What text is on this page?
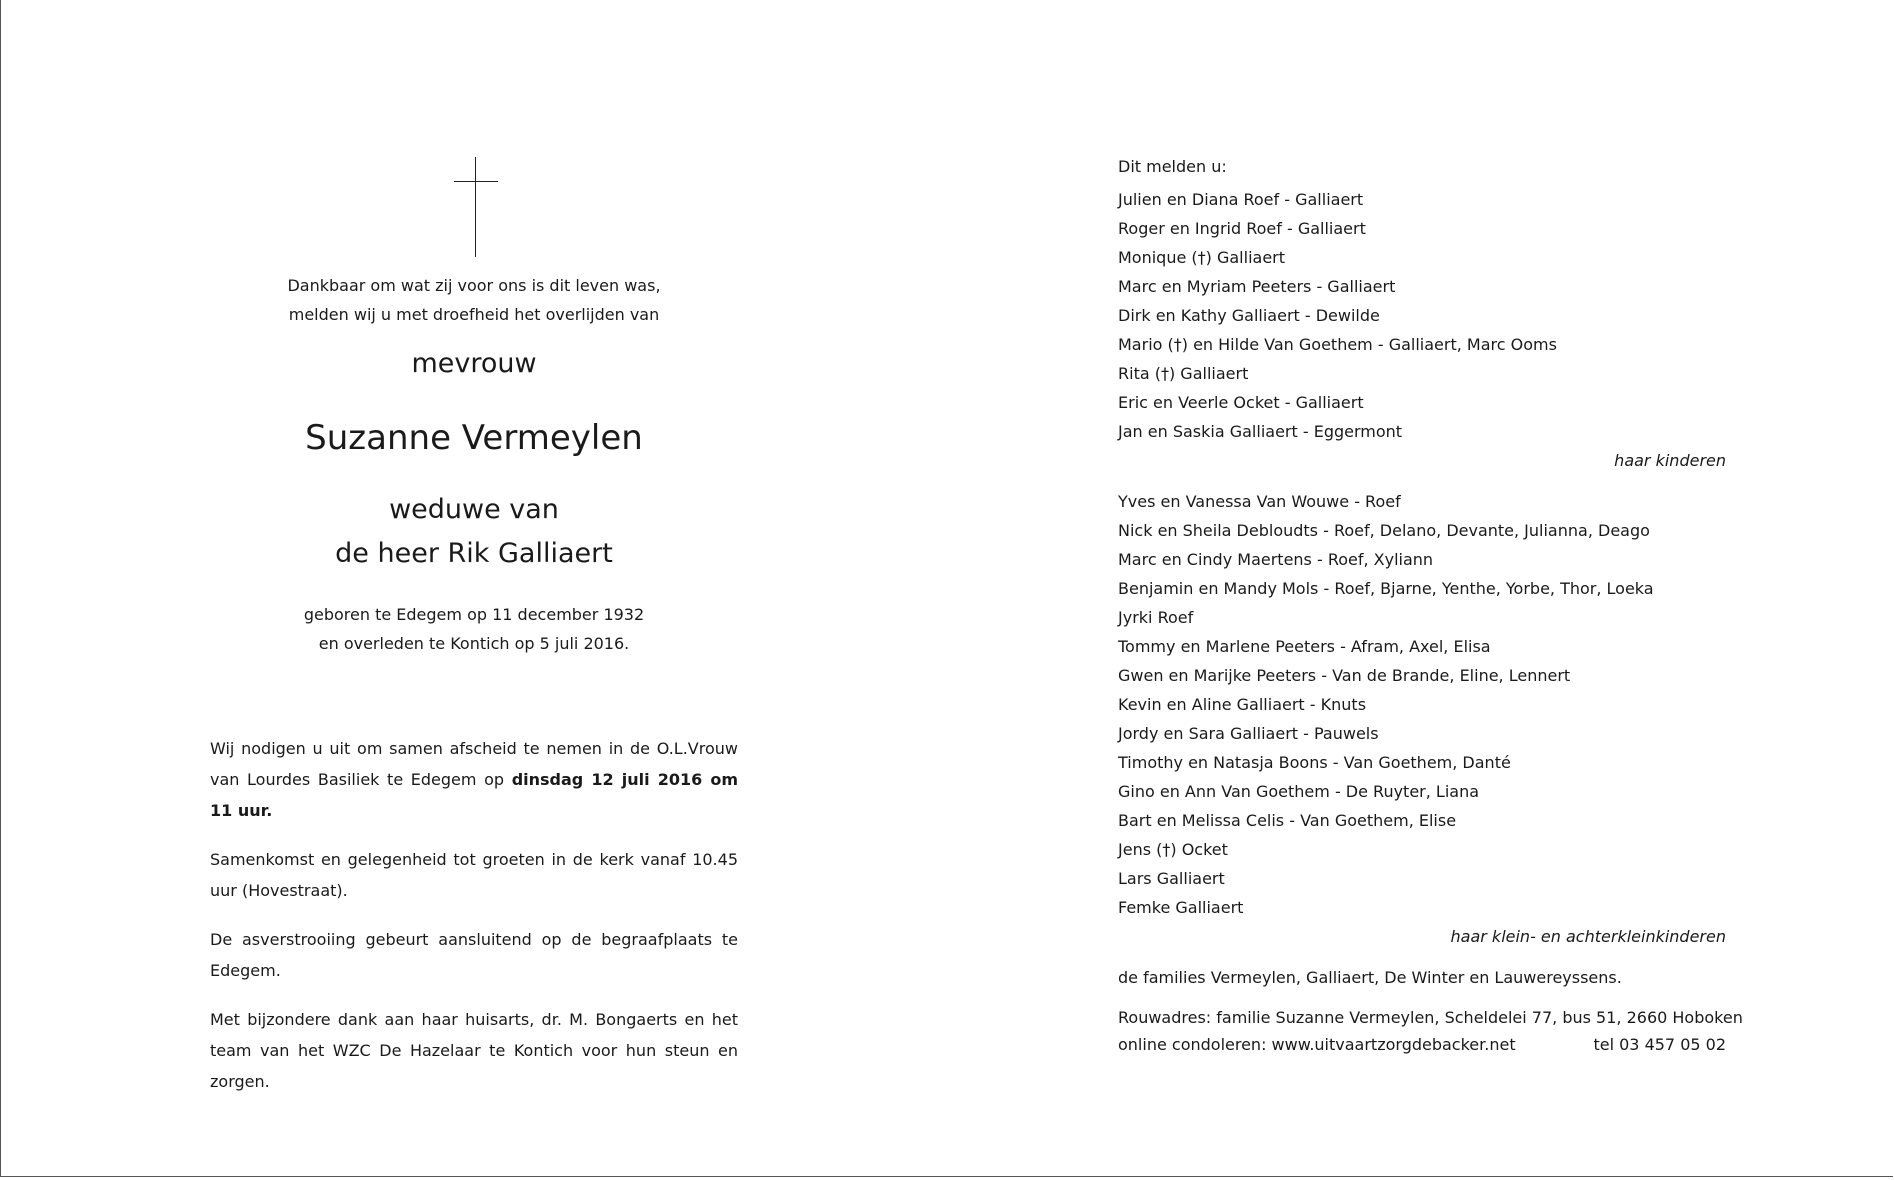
Dankbaar om wat zij voor ons is dit leven was,
melden wij u met droefheid het overlijden van
mevrouw
Suzanne Vermeylen
weduwe van
de heer Rik Galliaert
geboren te Edegem op 11 december 1932
en overleden te Kontich op 5 juli 2016.

Wij nodigen u uit om samen afscheid te nemen in de O.L.Vrouw van Lourdes Basiliek te Edegem op dinsdag 12 juli 2016 om 11 uur.

Samenkomst en gelegenheid tot groeten in de kerk vanaf 10.45 uur (Hovestraat).

De asverstrooiing gebeurt aansluitend op de begraafplaats te Edegem.

Met bijzondere dank aan haar huisarts, dr. M. Bongaerts en het team van het WZC De Hazelaar te Kontich voor hun steun en zorgen.

Dit melden u:
Julien en Diana Roef - Galliaert
Roger en Ingrid Roef - Galliaert
Monique (†) Galliaert
Marc en Myriam Peeters - Galliaert
Dirk en Kathy Galliaert - Dewilde
Mario (†) en Hilde Van Goethem - Galliaert, Marc Ooms
Rita (†) Galliaert
Eric en Veerle Ocket - Galliaert
Jan en Saskia Galliaert - Eggermont
haar kinderen
Yves en Vanessa Van Wouwe - Roef
Nick en Sheila Debloudts - Roef, Delano, Devante, Julianna, Deago
Marc en Cindy Maertens - Roef, Xyliann
Benjamin en Mandy Mols - Roef, Bjarne, Yenthe, Yorbe, Thor, Loeka
Jyrki Roef
Tommy en Marlene Peeters - Afram, Axel, Elisa
Gwen en Marijke Peeters - Van de Brande, Eline, Lennert
Kevin en Aline Galliaert - Knuts
Jordy en Sara Galliaert - Pauwels
Timothy en Natasja Boons - Van Goethem, Danté
Gino en Ann Van Goethem - De Ruyter, Liana
Bart en Melissa Celis - Van Goethem, Elise
Jens (†) Ocket
Lars Galliaert
Femke Galliaert
haar klein- en achterkleinkinderen
de families Vermeylen, Galliaert, De Winter en Lauwereyssens.
Rouwadres: familie Suzanne Vermeylen, Scheldelei 77, bus 51, 2660 Hoboken
online condoleren: www.uitvaartzorgdebacker.net	tel 03 457 05 02
